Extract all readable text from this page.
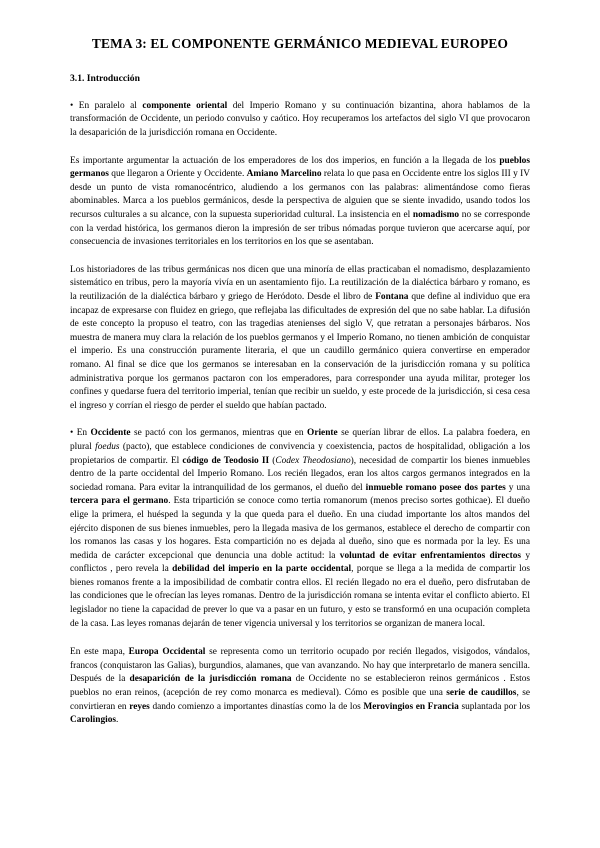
TEMA 3: EL COMPONENTE GERMÁNICO MEDIEVAL EUROPEO
3.1. Introducción

• En paralelo al componente oriental del Imperio Romano y su continuación bizantina, ahora hablamos de la transformación de Occidente, un periodo convulso y caótico. Hoy recuperamos los artefactos del siglo VI que provocaron la desaparición de la jurisdicción romana en Occidente.

Es importante argumentar la actuación de los emperadores de los dos imperios, en función a la llegada de los pueblos germanos que llegaron a Oriente y Occidente. Amiano Marcelino relata lo que pasa en Occidente entre los siglos III y IV desde un punto de vista romanocéntrico, aludiendo a los germanos con las palabras: alimentándose como fieras abominables. Marca a los pueblos germánicos, desde la perspectiva de alguien que se siente invadido, usando todos los recursos culturales a su alcance, con la supuesta superioridad cultural. La insistencia en el nomadismo no se corresponde con la verdad histórica, los germanos dieron la impresión de ser tribus nómadas porque tuvieron que acercarse aquí, por consecuencia de invasiones territoriales en los territorios en los que se asentaban.

Los historiadores de las tribus germánicas nos dicen que una minoría de ellas practicaban el nomadismo, desplazamiento sistemático en tribus, pero la mayoría vivía en un asentamiento fijo. La reutilización de la dialéctica bárbaro y romano, es la reutilización de la dialéctica bárbaro y griego de Heródoto. Desde el libro de Fontana que define al individuo que era incapaz de expresarse con fluidez en griego, que reflejaba las dificultades de expresión del que no sabe hablar. La difusión de este concepto la propuso el teatro, con las tragedias atenienses del siglo V, que retratan a personajes bárbaros. Nos muestra de manera muy clara la relación de los pueblos germanos y el Imperio Romano, no tienen ambición de conquistar el imperio. Es una construcción puramente literaria, el que un caudillo germánico quiera convertirse en emperador romano. Al final se dice que los germanos se interesaban en la conservación de la jurisdicción romana y su política administrativa porque los germanos pactaron con los emperadores, para corresponder una ayuda militar, proteger los confines y quedarse fuera del territorio imperial, tenían que recibir un sueldo, y este procede de la jurisdicción, si cesa cesa el ingreso y corrían el riesgo de perder el sueldo que habían pactado.

• En Occidente se pactó con los germanos, mientras que en Oriente se querían librar de ellos. La palabra foedera, en plural foedus (pacto), que establece condiciones de convivencia y coexistencia, pactos de hospitalidad, obligación a los propietarios de compartir. El código de Teodosio II (Codex Theodosiano), necesidad de compartir los bienes inmuebles dentro de la parte occidental del Imperio Romano. Los recién llegados, eran los altos cargos germanos integrados en la sociedad romana. Para evitar la intranquilidad de los germanos, el dueño del inmueble romano posee dos partes y una tercera para el germano. Esta tripartición se conoce como tertia romanorum (menos preciso sortes gothicae). El dueño elige la primera, el huésped la segunda y la que queda para el dueño. En una ciudad importante los altos mandos del ejército disponen de sus bienes inmuebles, pero la llegada masiva de los germanos, establece el derecho de compartir con los romanos las casas y los hogares. Esta compartición no es dejada al dueño, sino que es normada por la ley. Es una medida de carácter excepcional que denuncia una doble actitud: la voluntad de evitar enfrentamientos directos y conflictos , pero revela la debilidad del imperio en la parte occidental, porque se llega a la medida de compartir los bienes romanos frente a la imposibilidad de combatir contra ellos. El recién llegado no era el dueño, pero disfrutaban de las condiciones que le ofrecían las leyes romanas. Dentro de la jurisdicción romana se intenta evitar el conflicto abierto. El legislador no tiene la capacidad de prever lo que va a pasar en un futuro, y esto se transformó en una ocupación completa de la casa. Las leyes romanas dejarán de tener vigencia universal y los territorios se organizan de manera local.

En este mapa, Europa Occidental se representa como un territorio ocupado por recién llegados, visigodos, vándalos, francos (conquistaron las Galias), burgundios, alamanes, que van avanzando. No hay que interpretarlo de manera sencilla. Después de la desaparición de la jurisdicción romana de Occidente no se establecieron reinos germánicos . Estos pueblos no eran reinos, (acepción de rey como monarca es medieval). Cómo es posible que una serie de caudillos, se convirtieran en reyes dando comienzo a importantes dinastías como la de los Merovingios en Francia suplantada por los Carolingios.
